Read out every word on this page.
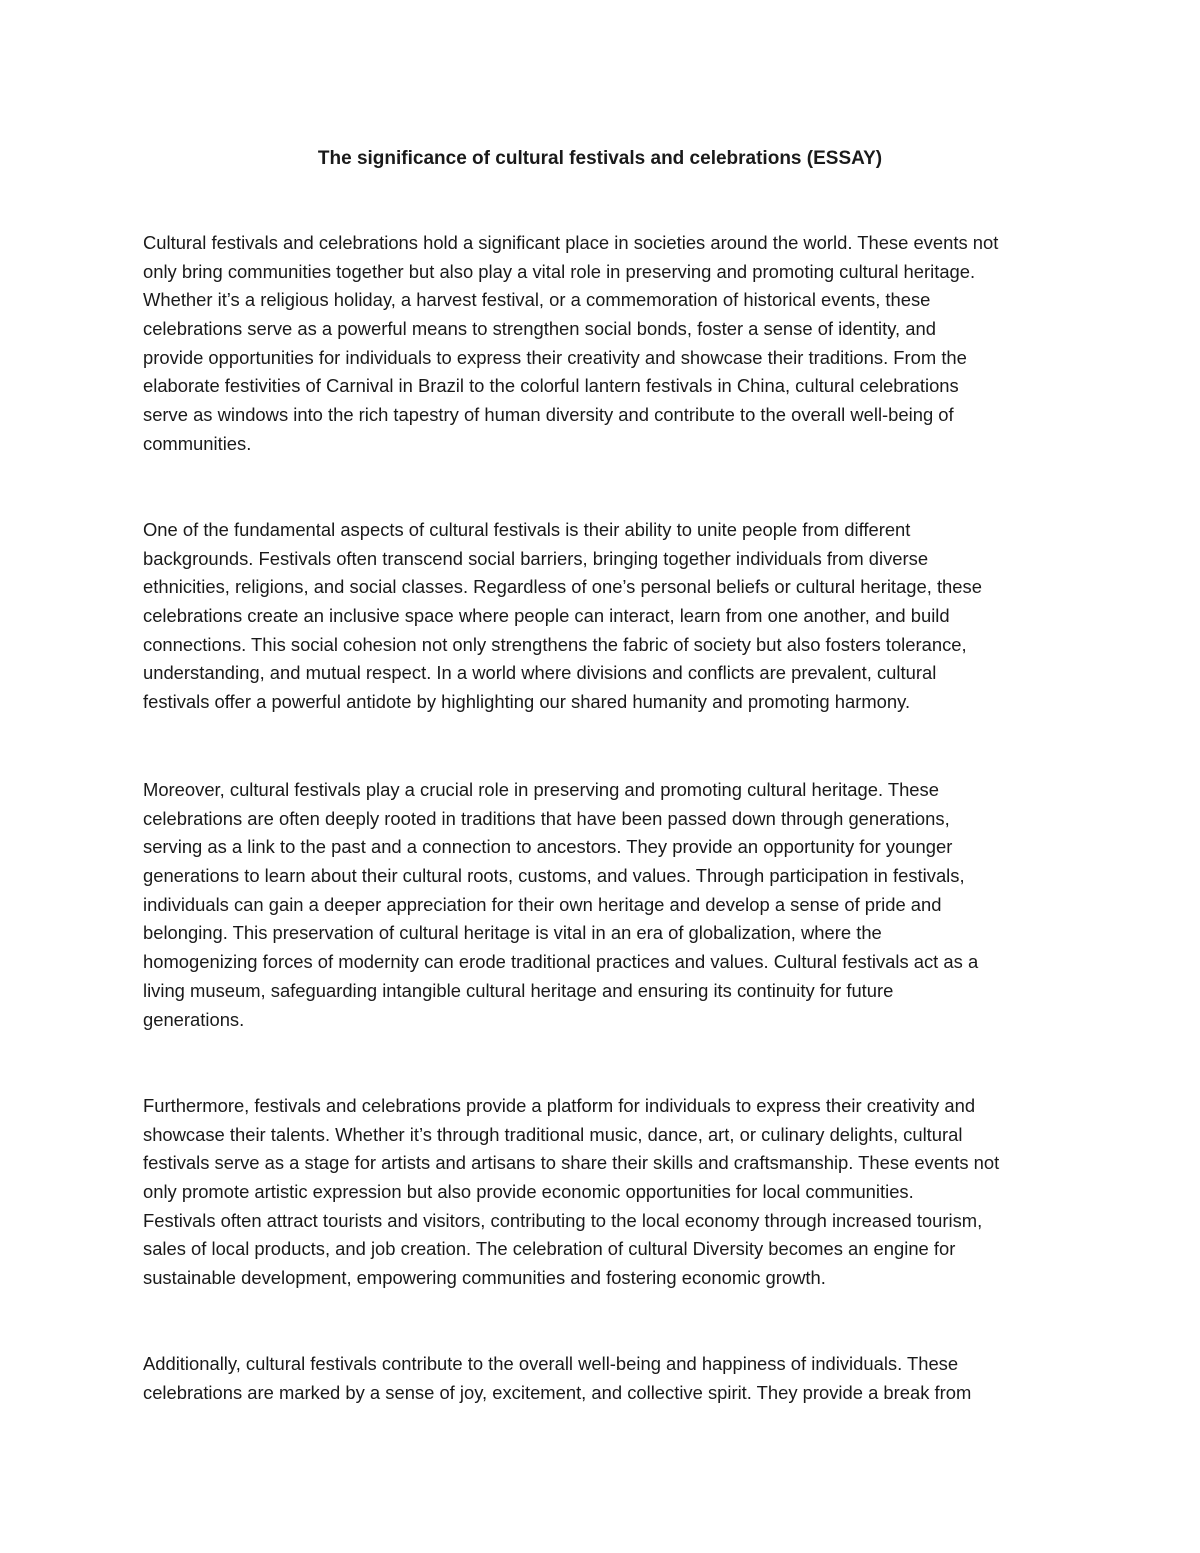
The significance of cultural festivals and celebrations (ESSAY)

Cultural festivals and celebrations hold a significant place in societies around the world. These events not
only bring communities together but also play a vital role in preserving and promoting cultural heritage.
Whether it’s a religious holiday, a harvest festival, or a commemoration of historical events, these
celebrations serve as a powerful means to strengthen social bonds, foster a sense of identity, and
provide opportunities for individuals to express their creativity and showcase their traditions. From the
elaborate festivities of Carnival in Brazil to the colorful lantern festivals in China, cultural celebrations
serve as windows into the rich tapestry of human diversity and contribute to the overall well-being of
communities.

One of the fundamental aspects of cultural festivals is their ability to unite people from different
backgrounds. Festivals often transcend social barriers, bringing together individuals from diverse
ethnicities, religions, and social classes. Regardless of one’s personal beliefs or cultural heritage, these
celebrations create an inclusive space where people can interact, learn from one another, and build
connections. This social cohesion not only strengthens the fabric of society but also fosters tolerance,
understanding, and mutual respect. In a world where divisions and conflicts are prevalent, cultural
festivals offer a powerful antidote by highlighting our shared humanity and promoting harmony.

Moreover, cultural festivals play a crucial role in preserving and promoting cultural heritage. These
celebrations are often deeply rooted in traditions that have been passed down through generations,
serving as a link to the past and a connection to ancestors. They provide an opportunity for younger
generations to learn about their cultural roots, customs, and values. Through participation in festivals,
individuals can gain a deeper appreciation for their own heritage and develop a sense of pride and
belonging. This preservation of cultural heritage is vital in an era of globalization, where the
homogenizing forces of modernity can erode traditional practices and values. Cultural festivals act as a
living museum, safeguarding intangible cultural heritage and ensuring its continuity for future
generations.

Furthermore, festivals and celebrations provide a platform for individuals to express their creativity and
showcase their talents. Whether it’s through traditional music, dance, art, or culinary delights, cultural
festivals serve as a stage for artists and artisans to share their skills and craftsmanship. These events not
only promote artistic expression but also provide economic opportunities for local communities.
Festivals often attract tourists and visitors, contributing to the local economy through increased tourism,
sales of local products, and job creation. The celebration of cultural Diversity becomes an engine for
sustainable development, empowering communities and fostering economic growth.

Additionally, cultural festivals contribute to the overall well-being and happiness of individuals. These
celebrations are marked by a sense of joy, excitement, and collective spirit. They provide a break from
